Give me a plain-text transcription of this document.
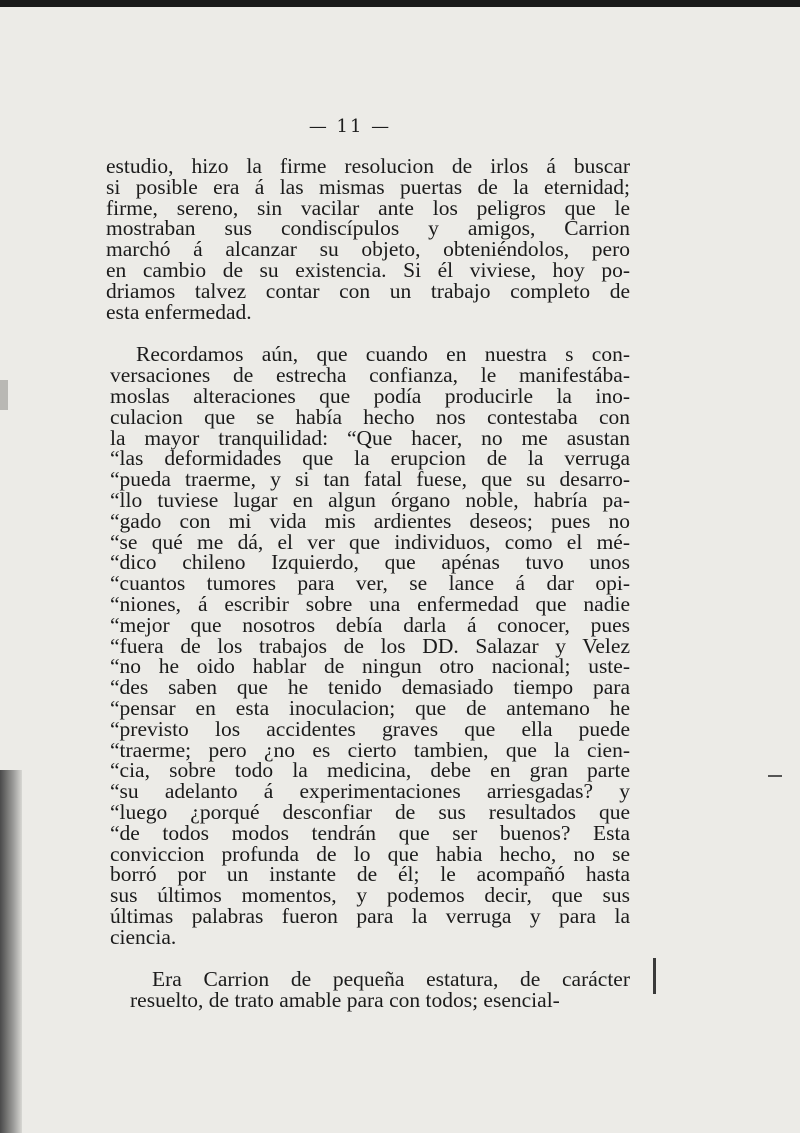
— 11 —

estudio, hizo la firme resolucion de irlos á buscar
si posible era á las mismas puertas de la eternidad;
firme, sereno, sin vacilar ante los peligros que le
mostraban sus condiscípulos y amigos, Carrion
marchó á alcanzar su objeto, obteniéndolos, pero
en cambio de su existencia. Si él viviese, hoy po-
driamos talvez contar con un trabajo completo de
esta enfermedad.

Recordamos aún, que cuando en nuestra s con-
versaciones de estrecha confianza, le manifestába-
moslas alteraciones que podía producirle la ino-
culacion que se había hecho nos contestaba con
la mayor tranquilidad: “Que hacer, no me asustan
“las deformidades que la erupcion de la verruga
“pueda traerme, y si tan fatal fuese, que su desarro-
“llo tuviese lugar en algun órgano noble, habría pa-
“gado con mi vida mis ardientes deseos; pues no
“se qué me dá, el ver que individuos, como el mé-
“dico chileno Izquierdo, que apénas tuvo unos
“cuantos tumores para ver, se lance á dar opi-
“niones, á escribir sobre una enfermedad que nadie
“mejor que nosotros debía darla á conocer, pues
“fuera de los trabajos de los DD. Salazar y Velez
“no he oido hablar de ningun otro nacional; uste-
“des saben que he tenido demasiado tiempo para
“pensar en esta inoculacion; que de antemano he
“previsto los accidentes graves que ella puede
“traerme; pero ¿no es cierto tambien, que la cien-
“cia, sobre todo la medicina, debe en gran parte
“su adelanto á experimentaciones arriesgadas? y
“luego ¿porqué desconfiar de sus resultados que
“de todos modos tendrán que ser buenos? Esta
conviccion profunda de lo que habia hecho, no se
borró por un instante de él; le acompañó hasta
sus últimos momentos, y podemos decir, que sus
últimas palabras fueron para la verruga y para la
ciencia.

Era Carrion de pequeña estatura, de carácter
resuelto, de trato amable para con todos; esencial-
